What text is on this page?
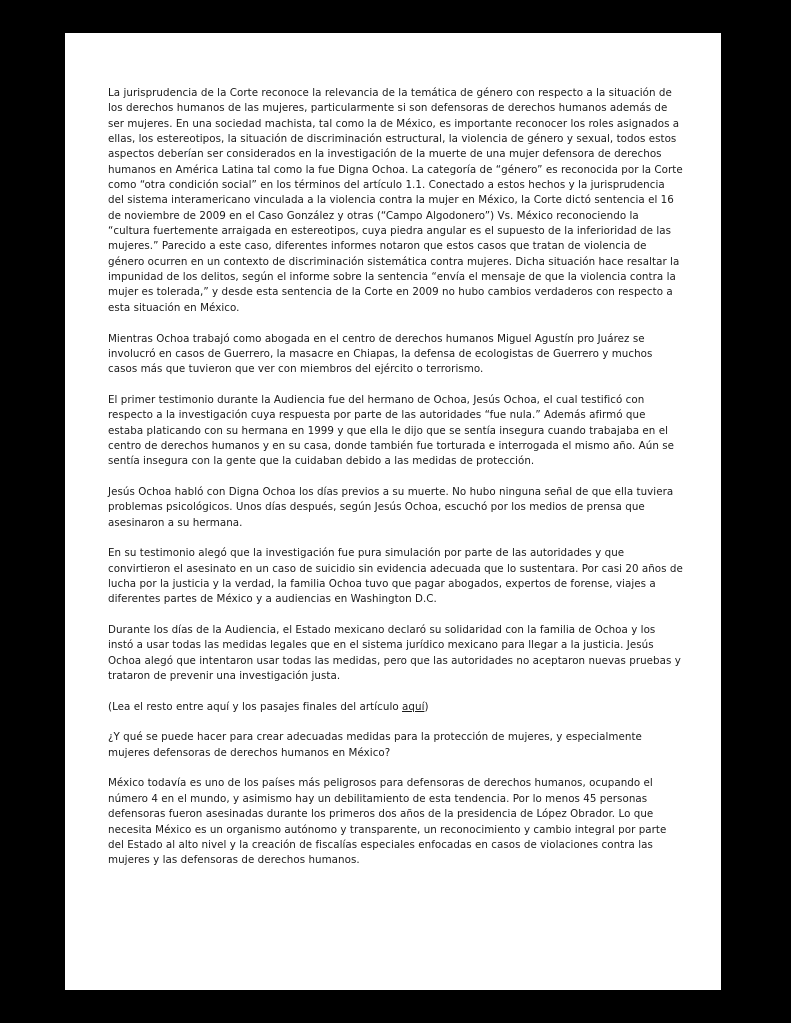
La jurisprudencia de la Corte reconoce la relevancia de la temática de género con respecto a la situación de los derechos humanos de las mujeres, particularmente si son defensoras de derechos humanos además de ser mujeres. En una sociedad machista, tal como la de México, es importante reconocer los roles asignados a ellas, los estereotipos, la situación de discriminación estructural, la violencia de género y sexual, todos estos aspectos deberían ser considerados en la investigación de la muerte de una mujer defensora de derechos humanos en América Latina tal como la fue Digna Ochoa. La categoría de “género” es reconocida por la Corte como “otra condición social” en los términos del artículo 1.1. Conectado a estos hechos y la jurisprudencia del sistema interamericano vinculada a la violencia contra la mujer en México, la Corte dictó sentencia el 16 de noviembre de 2009 en el Caso González y otras (“Campo Algodonero”) Vs. México reconociendo la “cultura fuertemente arraigada en estereotipos, cuya piedra angular es el supuesto de la inferioridad de las mujeres.” Parecido a este caso, diferentes informes notaron que estos casos que tratan de violencia de género ocurren en un contexto de discriminación sistemática contra mujeres. Dicha situación hace resaltar la impunidad de los delitos, según el informe sobre la sentencia “envía el mensaje de que la violencia contra la mujer es tolerada,” y desde esta sentencia de la Corte en 2009 no hubo cambios verdaderos con respecto a esta situación en México.

Mientras Ochoa trabajó como abogada en el centro de derechos humanos Miguel Agustín pro Juárez se involucró en casos de Guerrero, la masacre en Chiapas, la defensa de ecologistas de Guerrero y muchos casos más que tuvieron que ver con miembros del ejército o terrorismo.

El primer testimonio durante la Audiencia fue del hermano de Ochoa, Jesús Ochoa, el cual testificó con respecto a la investigación cuya respuesta por parte de las autoridades “fue nula.” Además afirmó que estaba platicando con su hermana en 1999 y que ella le dijo que se sentía insegura cuando trabajaba en el centro de derechos humanos y en su casa, donde también fue torturada e interrogada el mismo año. Aún se sentía insegura con la gente que la cuidaban debido a las medidas de protección.

Jesús Ochoa habló con Digna Ochoa los días previos a su muerte. No hubo ninguna señal de que ella tuviera problemas psicológicos. Unos días después, según Jesús Ochoa, escuchó por los medios de prensa que asesinaron a su hermana.

En su testimonio alegó que la investigación fue pura simulación por parte de las autoridades y que convirtieron el asesinato en un caso de suicidio sin evidencia adecuada que lo sustentara. Por casi 20 años de lucha por la justicia y la verdad, la familia Ochoa tuvo que pagar abogados, expertos de forense, viajes a diferentes partes de México y a audiencias en Washington D.C.

Durante los días de la Audiencia, el Estado mexicano declaró su solidaridad con la familia de Ochoa y los instó a usar todas las medidas legales que en el sistema jurídico mexicano para llegar a la justicia. Jesús Ochoa alegó que intentaron usar todas las medidas, pero que las autoridades no aceptaron nuevas pruebas y trataron de prevenir una investigación justa.

(Lea el resto entre aquí y los pasajes finales del artículo aquí)

¿Y qué se puede hacer para crear adecuadas medidas para la protección de mujeres, y especialmente mujeres defensoras de derechos humanos en México?

México todavía es uno de los países más peligrosos para defensoras de derechos humanos, ocupando el número 4 en el mundo, y asimismo hay un debilitamiento de esta tendencia. Por lo menos 45 personas defensoras fueron asesinadas durante los primeros dos años de la presidencia de López Obrador. Lo que necesita México es un organismo autónomo y transparente, un reconocimiento y cambio integral por parte del Estado al alto nivel y la creación de fiscalías especiales enfocadas en casos de violaciones contra las mujeres y las defensoras de derechos humanos.
